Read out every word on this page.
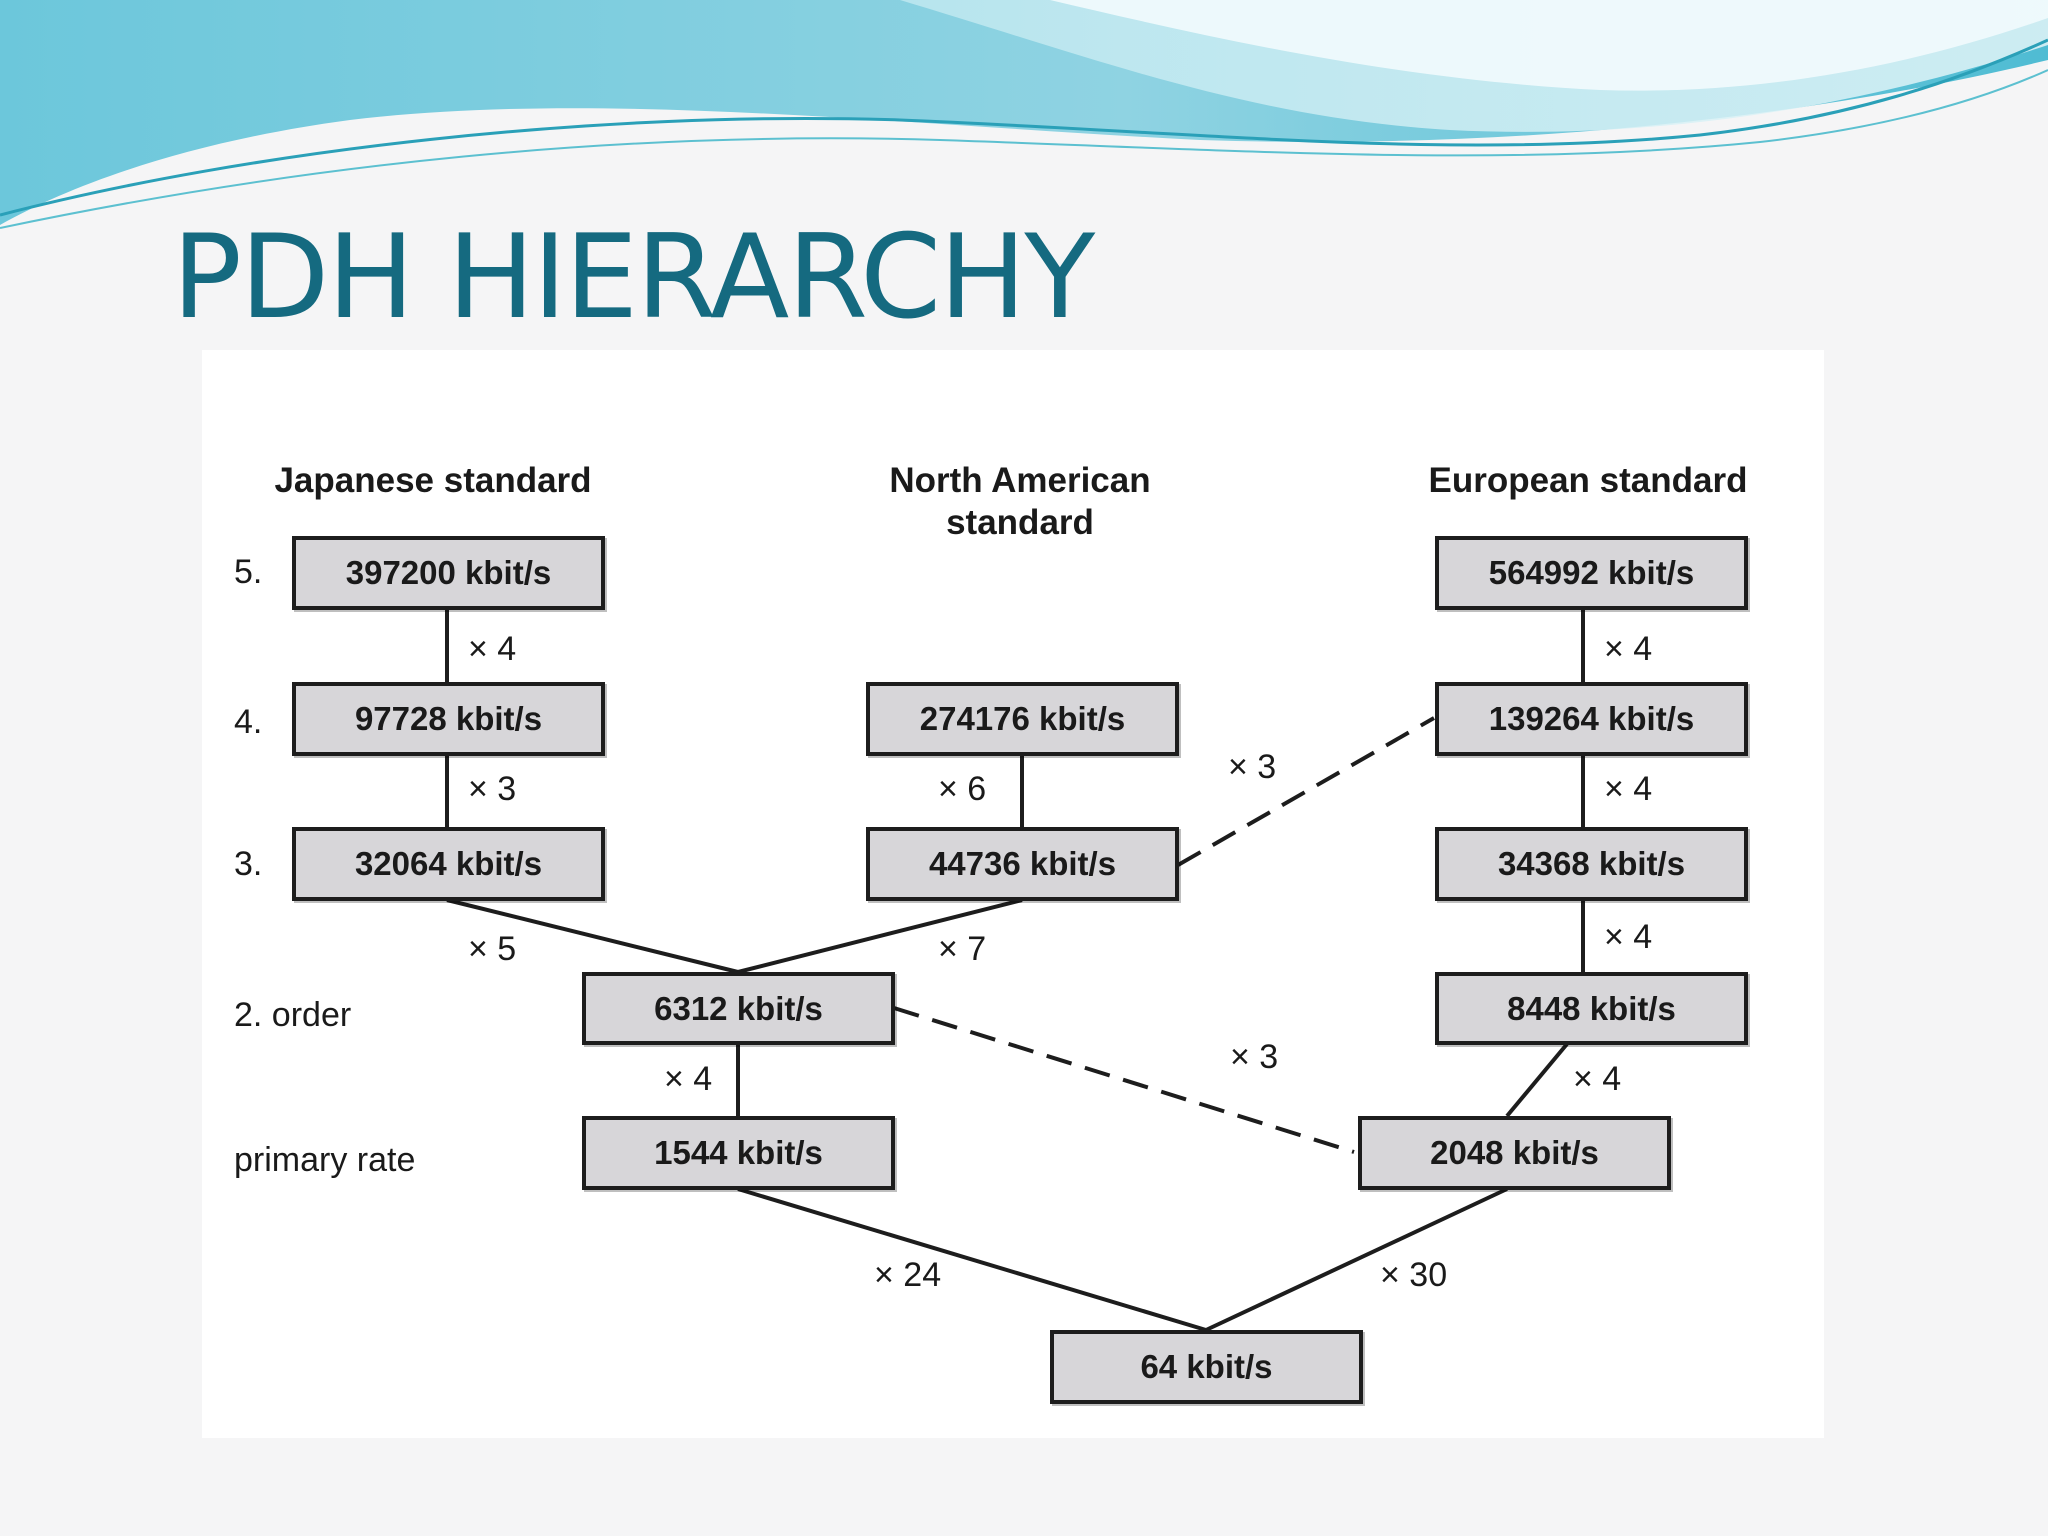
PDH HIERARCHY
Japanese standard	North American
standard
European standard
5.
4.
3.
2. order
primary rate
397200 kbit/s
97728 kbit/s
32064 kbit/s
274176 kbit/s
44736 kbit/s
6312 kbit/s
1544 kbit/s
564992 kbit/s
139264 kbit/s
34368 kbit/s
8448 kbit/s
2048 kbit/s
64 kbit/s
× 4
× 3
× 5
× 6
× 7
× 3
× 4
× 3
× 4
× 4
× 4
× 4
× 24	× 30
